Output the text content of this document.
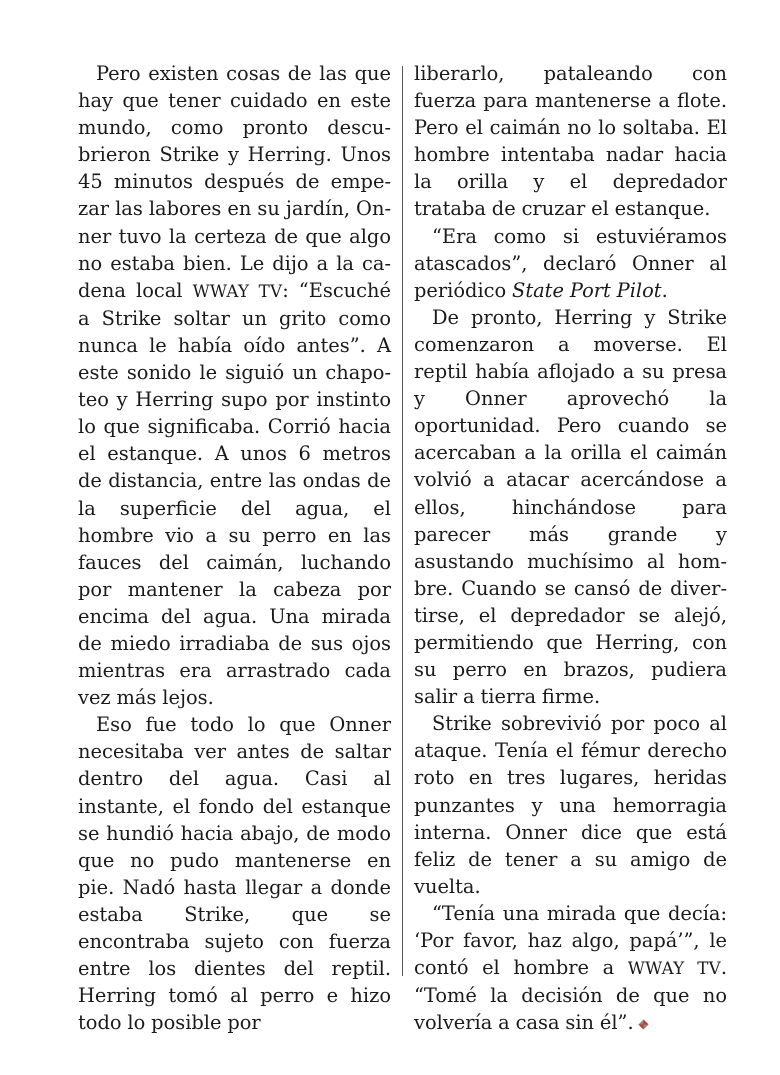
Pero existen cosas de las que hay que tener cuidado en este mundo, como pronto descubrieron Strike y Herring. Unos 45 minutos después de empezar las labores en su jardín, Onner tuvo la certeza de que algo no estaba bien. Le dijo a la cadena local WWAY TV: “Escuché a Strike soltar un grito como nunca le había oído antes”. A este sonido le siguió un chapoteo y Herring supo por instinto lo que significaba. Corrió hacia el estanque. A unos 6 metros de distancia, entre las ondas de la superficie del agua, el hombre vio a su perro en las fauces del caimán, luchando por mantener la cabeza por encima del agua. Una mirada de miedo irradiaba de sus ojos mientras era arrastrado cada vez más lejos.

Eso fue todo lo que Onner necesitaba ver antes de saltar dentro del agua. Casi al instante, el fondo del estanque se hundió hacia abajo, de modo que no pudo mantenerse en pie. Nadó hasta llegar a donde estaba Strike, que se encontraba sujeto con fuerza entre los dientes del reptil. Herring tomó al perro e hizo todo lo posible por

liberarlo, pataleando con fuerza para mantenerse a flote. Pero el caimán no lo soltaba. El hombre intentaba nadar hacia la orilla y el depredador trataba de cruzar el estanque.

“Era como si estuviéramos atascados”, declaró Onner al periódico State Port Pilot.

De pronto, Herring y Strike comenzaron a moverse. El reptil había aflojado a su presa y Onner aprovechó la oportunidad. Pero cuando se acercaban a la orilla el caimán volvió a atacar acercándose a ellos, hinchándose para parecer más grande y asustando muchísimo al hombre. Cuando se cansó de divertirse, el depredador se alejó, permitiendo que Herring, con su perro en brazos, pudiera salir a tierra firme.

Strike sobrevivió por poco al ataque. Tenía el fémur derecho roto en tres lugares, heridas punzantes y una hemorragia interna. Onner dice que está feliz de tener a su amigo de vuelta.

“Tenía una mirada que decía: ‘Por favor, haz algo, papá’”, le contó el hombre a WWAY TV. “Tomé la decisión de que no volvería a casa sin él”.
